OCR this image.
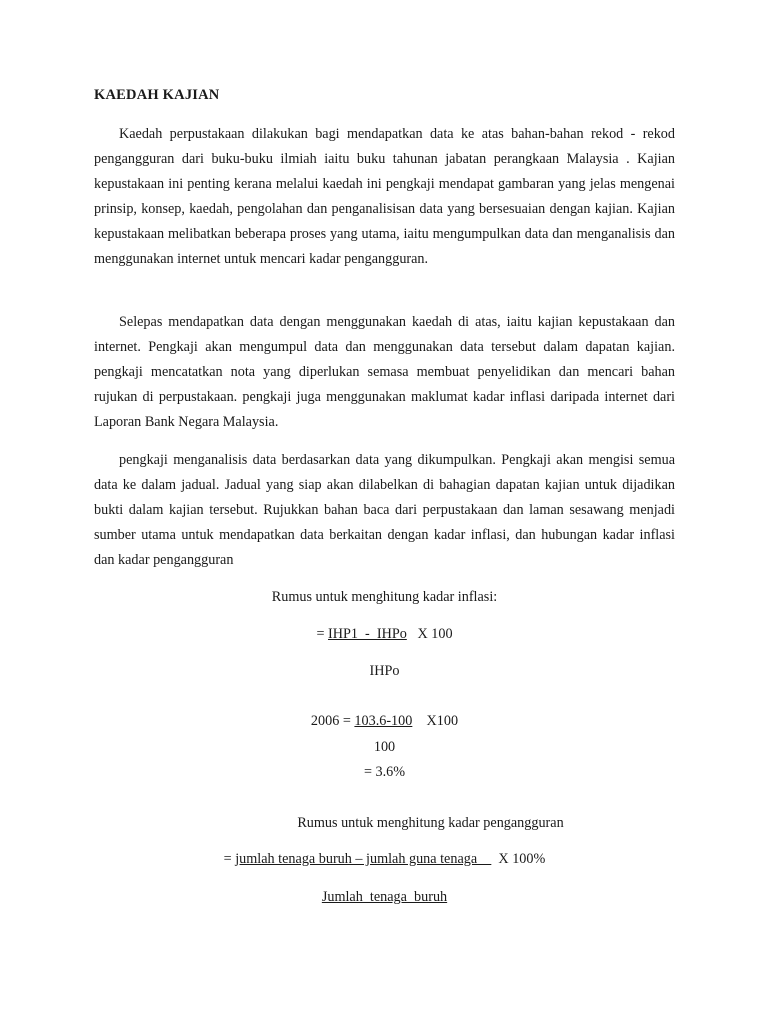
KAEDAH KAJIAN

Kaedah perpustakaan dilakukan bagi mendapatkan data ke atas bahan-bahan rekod - rekod pengangguran dari buku-buku ilmiah iaitu buku tahunan jabatan perangkaan Malaysia . Kajian kepustakaan ini penting kerana melalui kaedah ini pengkaji mendapat gambaran yang jelas mengenai prinsip, konsep, kaedah, pengolahan dan penganalisisan data yang bersesuaian dengan kajian. Kajian kepustakaan melibatkan beberapa proses yang utama, iaitu mengumpulkan data dan menganalisis dan menggunakan internet untuk mencari kadar pengangguran.

Selepas mendapatkan data dengan menggunakan kaedah di atas, iaitu kajian kepustakaan dan internet. Pengkaji akan mengumpul data dan menggunakan data tersebut dalam dapatan kajian. pengkaji mencatatkan nota yang diperlukan semasa membuat penyelidikan dan mencari bahan rujukan di perpustakaan. pengkaji juga menggunakan maklumat kadar inflasi daripada internet dari Laporan Bank Negara Malaysia.

pengkaji menganalisis data berdasarkan data yang dikumpulkan. Pengkaji akan mengisi semua data ke dalam jadual. Jadual yang siap akan dilabelkan di bahagian dapatan kajian untuk dijadikan bukti dalam kajian tersebut. Rujukkan bahan baca dari perpustakaan dan laman sesawang menjadi sumber utama untuk mendapatkan data berkaitan dengan kadar inflasi, dan hubungan kadar inflasi dan kadar pengangguran

Rumus untuk menghitung kadar inflasi:
= IHP1  -  IHPo   X 100
IHPo
2006 = 103.6-100    X100
100
= 3.6%
Rumus untuk menghitung kadar pengangguran
= jumlah tenaga buruh – jumlah guna tenaga      X 100%
Jumlah  tenaga  buruh
